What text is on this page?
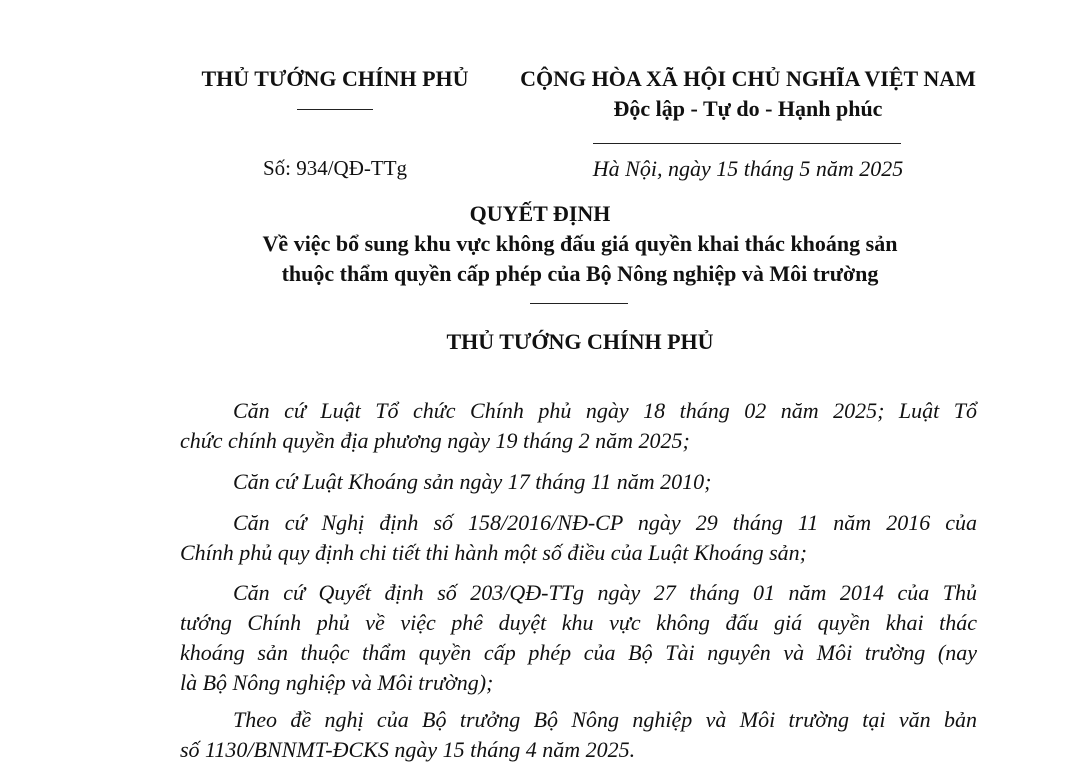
THỦ TƯỚNG CHÍNH PHỦ	CỘNG HÒA XÃ HỘI CHỦ NGHĨA VIỆT NAM
Độc lập - Tự do - Hạnh phúc
Số: 934/QĐ-TTg	Hà Nội, ngày 15 tháng 5 năm 2025
QUYẾT ĐỊNH
Về việc bổ sung khu vực không đấu giá quyền khai thác khoáng sản
thuộc thẩm quyền cấp phép của Bộ Nông nghiệp và Môi trường
THỦ TƯỚNG CHÍNH PHỦ
Căn cứ Luật Tổ chức Chính phủ ngày 18 tháng 02 năm 2025; Luật Tổ
chức chính quyền địa phương ngày 19 tháng 2 năm 2025;
Căn cứ Luật Khoáng sản ngày 17 tháng 11 năm 2010;
Căn cứ Nghị định số 158/2016/NĐ-CP ngày 29 tháng 11 năm 2016 của
Chính phủ quy định chi tiết thi hành một số điều của Luật Khoáng sản;
Căn cứ Quyết định số 203/QĐ-TTg ngày 27 tháng 01 năm 2014 của Thủ
tướng Chính phủ về việc phê duyệt khu vực không đấu giá quyền khai thác
khoáng sản thuộc thẩm quyền cấp phép của Bộ Tài nguyên và Môi trường (nay
là Bộ Nông nghiệp và Môi trường);
Theo đề nghị của Bộ trưởng Bộ Nông nghiệp và Môi trường tại văn bản
số 1130/BNNMT-ĐCKS ngày 15 tháng 4 năm 2025.
